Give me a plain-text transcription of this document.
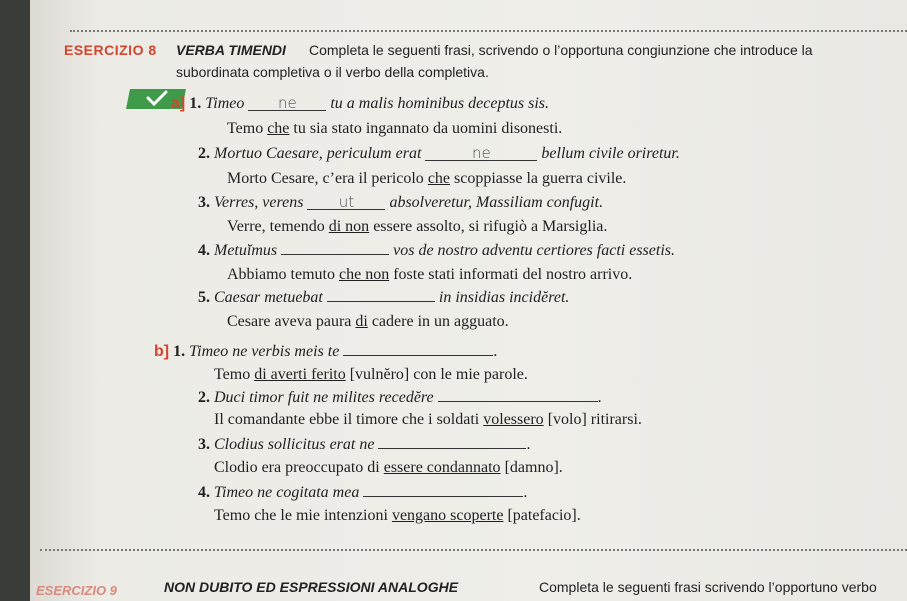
ESERCIZIO 8 VERBA TIMENDI Completa le seguenti frasi, scrivendo o l’opportuna congiunzione che introduce la
subordinata completiva o il verbo della completiva.
a] 1. Timeo ne tu a malis hominibus deceptus sis.
Temo che tu sia stato ingannato da uomini disonesti.
2. Mortuo Caesare, periculum erat	ne	bellum civile oriretur.
Morto Cesare, c’era il pericolo che scoppiasse la guerra civile.
3. Verres, verens ut absolveretur, Massiliam confugit.
Verre, temendo di non essere assolto, si rifugiò a Marsiglia.
4. Metuĭmus	vos de nostro adventu certiores facti essetis.
Abbiamo temuto che non foste stati informati del nostro arrivo.
5. Caesar metuebat	in insidias incidĕret.
Cesare aveva paura di cadere in un agguato.
b] 1. Timeo ne verbis meis te	.
Temo di averti ferito [vulnĕro] con le mie parole.
2. Duci timor fuit ne milites recedĕre	.
Il comandante ebbe il timore che i soldati volessero [volo] ritirarsi.
3. Clodius sollicitus erat ne	.
Clodio era preoccupato di essere condannato [damno].
4. Timeo ne cogitata mea	.
Temo che le mie intenzioni vengano scoperte [patefacio].
ESERCIZIO 9	NON DUBITO ED ESPRESSIONI ANALOGHE	Completa le seguenti frasi scrivendo l’opportuno verbo
